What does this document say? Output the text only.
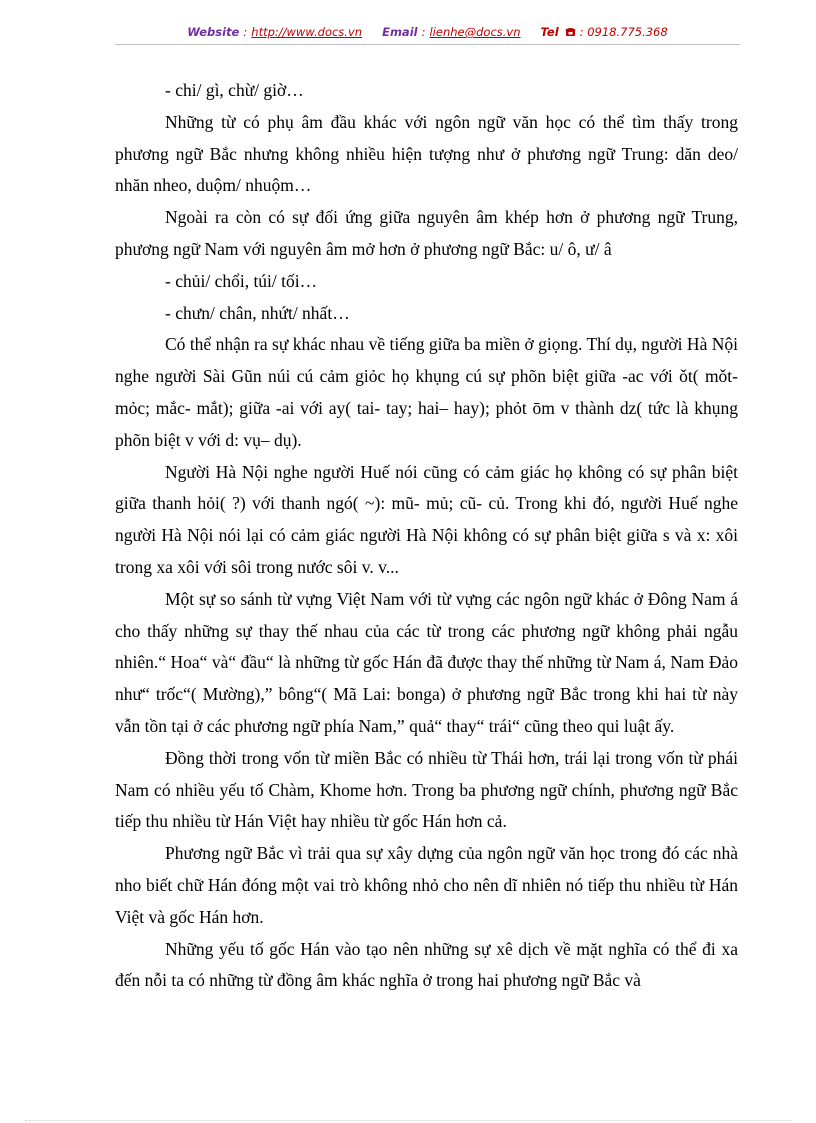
Website : http://www.docs.vn Email : lienhe@docs.vn Tel : 0918.775.368

- chi/ gì, chừ/ giờ…

Những từ có phụ âm đầu khác với ngôn ngữ văn học có thể tìm thấy trong phương ngữ Bắc nhưng không nhiều hiện tượng như ở phương ngữ Trung: dăn deo/ nhăn nheo, duộm/ nhuộm…

Ngoài ra còn có sự đối ứng giữa nguyên âm khép hơn ở phương ngữ Trung, phương ngữ Nam với nguyên âm mở hơn ở phương ngữ Bắc: u/ ô, ư/ â

- chủi/ chổi, túi/ tối…

- chưn/ chân, nhứt/ nhất…

Có thể nhận ra sự khác nhau về tiếng giữa ba miền ở giọng. Thí dụ, người Hà Nội nghe người Sài Gũn núi cú cảm giỏc họ khụng cú sự phõn biệt giữa -ac với ǒt( mǒt- mỏc; mắc- mắt); giữa -ai với ay( tai- tay; hai– hay); phỏt ōm v thành dz( tức là khụng phõn biệt v với d: vụ– dụ).

Người Hà Nội nghe người Huế nói cũng có cảm giác họ không có sự phân biệt giữa thanh hỏi( ?) với thanh ngó( ~): mũ- mủ; cũ- củ. Trong khi đó, người Huế nghe người Hà Nội nói lại có cảm giác người Hà Nội không có sự phân biệt giữa s và x: xôi trong xa xôi với sôi trong nước sôi v. v...

Một sự so sánh từ vựng Việt Nam với từ vựng các ngôn ngữ khác ở Đông Nam á cho thấy những sự thay thế nhau của các từ trong các phương ngữ không phải ngẫu nhiên.“ Hoa“ và“ đầu“ là những từ gốc Hán đã được thay thế những từ Nam á, Nam Đảo như“ trốc“( Mường),” bông“( Mã Lai: bonga) ở phương ngữ Bắc trong khi hai từ này vẫn tồn tại ở các phương ngữ phía Nam,” quả“ thay“ trái“ cũng theo qui luật ấy.

Đồng thời trong vốn từ miền Bắc có nhiều từ Thái hơn, trái lại trong vốn từ phái Nam có nhiều yếu tố Chàm, Khome hơn. Trong ba phương ngữ chính, phương ngữ Bắc tiếp thu nhiều từ Hán Việt hay nhiều từ gốc Hán hơn cả.

Phương ngữ Bắc vì trải qua sự xây dựng của ngôn ngữ văn học trong đó các nhà nho biết chữ Hán đóng một vai trò không nhỏ cho nên dĩ nhiên nó tiếp thu nhiều từ Hán Việt và gốc Hán hơn.

Những yếu tố gốc Hán vào tạo nên những sự xê dịch về mặt nghĩa có thể đi xa đến nỗi ta có những từ đồng âm khác nghĩa ở trong hai phương ngữ Bắc và
